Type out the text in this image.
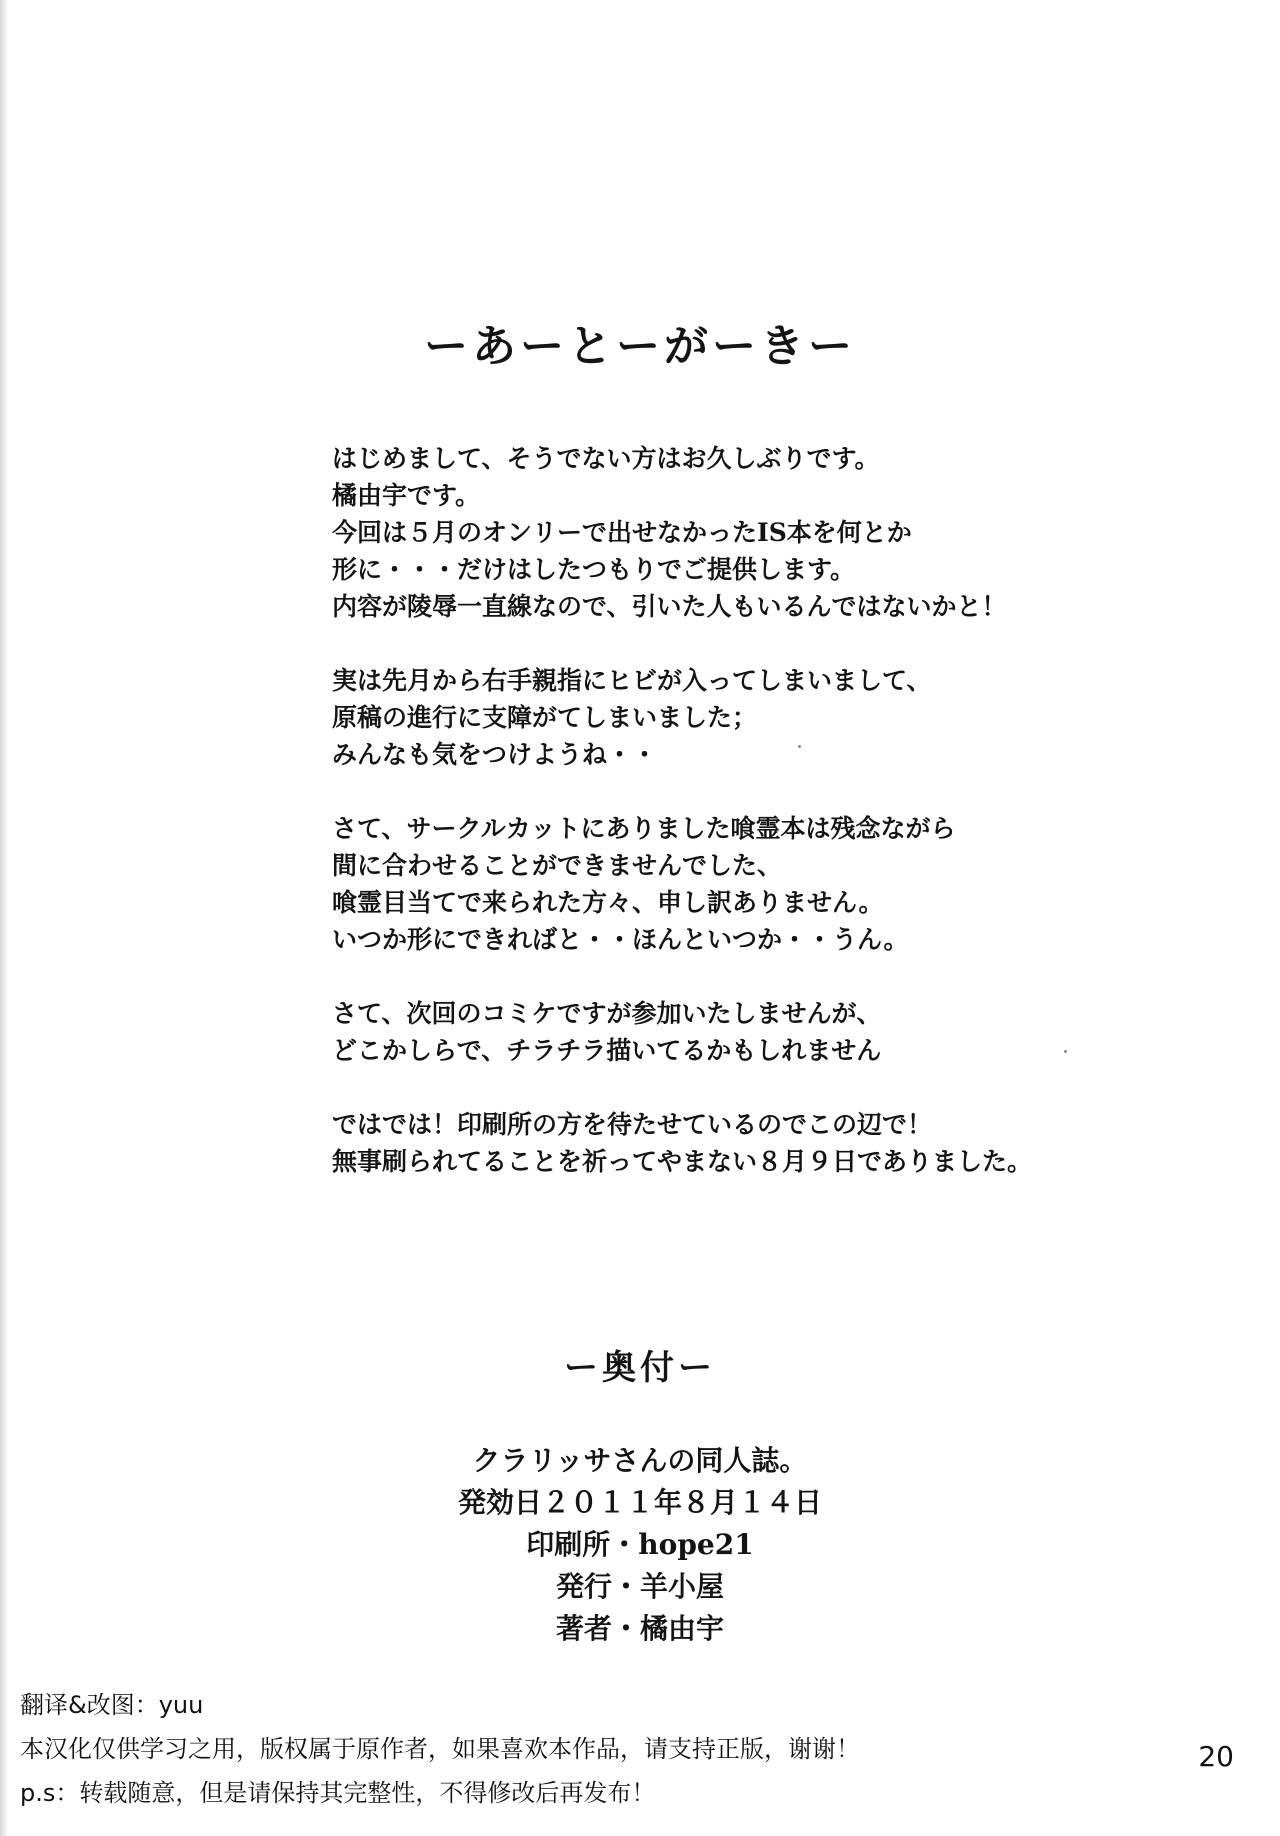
ーあーとーがーきー
はじめまして、そうでない方はお久しぶりです。
橘由宇です。
今回は５月のオンリーで出せなかったIS本を何とか
形に・・・だけはしたつもりでご提供します。
内容が陵辱一直線なので、引いた人もいるんではないかと！
実は先月から右手親指にヒビが入ってしまいまして、
原稿の進行に支障がてしまいました；
みんなも気をつけようね・・
さて、サークルカットにありました喰霊本は残念ながら
間に合わせることができませんでした、
喰霊目当てで来られた方々、申し訳ありません。
いつか形にできればと・・ほんといつか・・うん。
さて、次回のコミケですが参加いたしませんが、
どこかしらで、チラチラ描いてるかもしれません
ではでは！印刷所の方を待たせているのでこの辺で！
無事刷られてることを祈ってやまない８月９日でありました。
ー奥付ー
クラリッサさんの同人誌。
発効日２０１１年８月１４日
印刷所・hope21
発行・羊小屋
著者・橘由宇
翻译&改图：yuu
本汉化仅供学习之用，版权属于原作者，如果喜欢本作品，请支持正版，谢谢！
p.s：转载随意，但是请保持其完整性，不得修改后再发布！
20
